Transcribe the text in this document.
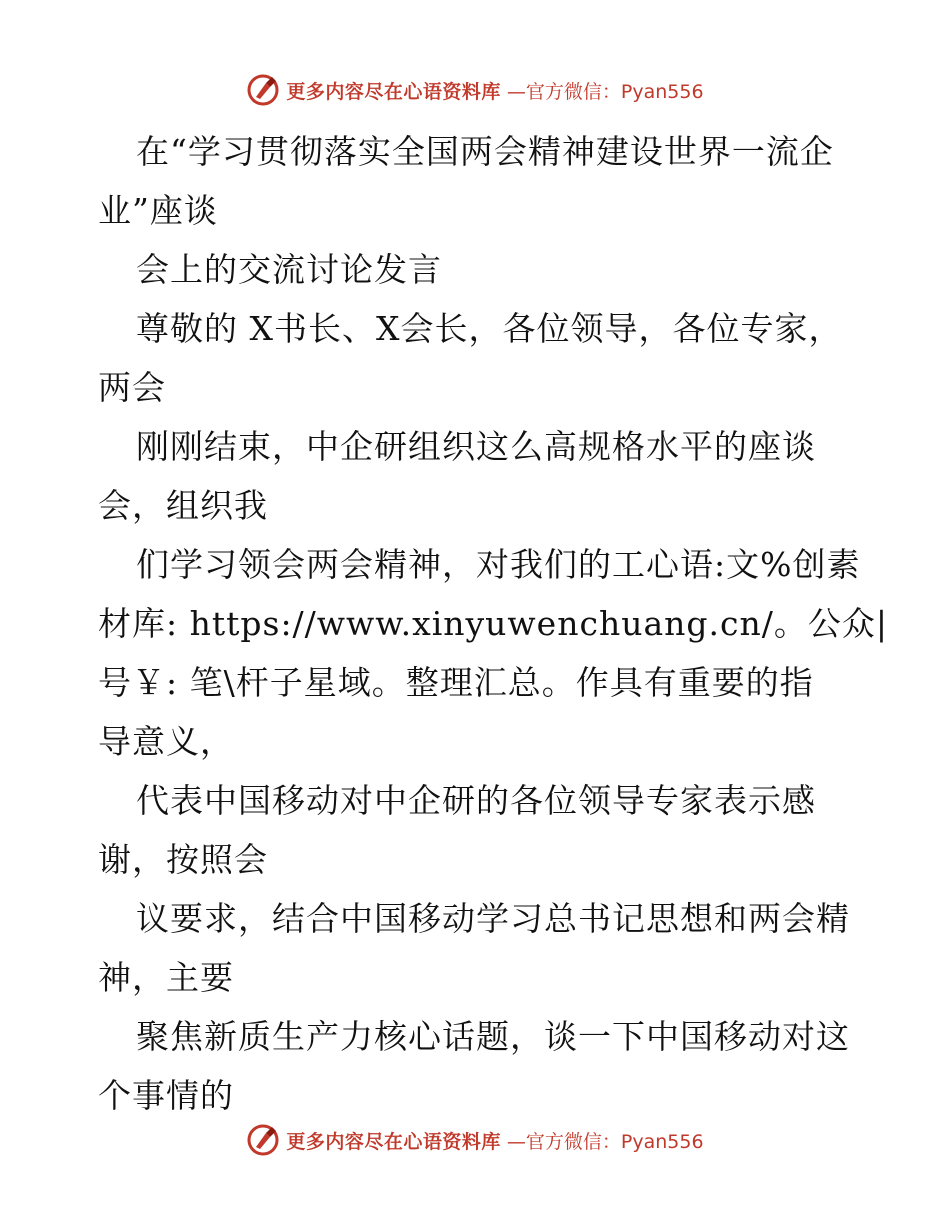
更多内容尽在心语资料库 —官方微信：Pyan556
在“学习贯彻落实全国两会精神建设世界一流企
业”座谈
会上的交流讨论发言
尊敬的 X书长、X会长，各位领导，各位专家，
两会
刚刚结束，中企研组织这么高规格水平的座谈
会，组织我
们学习领会两会精神，对我们的工心语:文%创素
材库: https://www.xinyuwenchuang.cn/。公众|
号￥: 笔\杆子星域。整理汇总。作具有重要的指
导意义，
代表中国移动对中企研的各位领导专家表示感
谢，按照会
议要求，结合中国移动学习总书记思想和两会精
神，主要
聚焦新质生产力核心话题，谈一下中国移动对这
个事情的
更多内容尽在心语资料库 —官方微信：Pyan556
